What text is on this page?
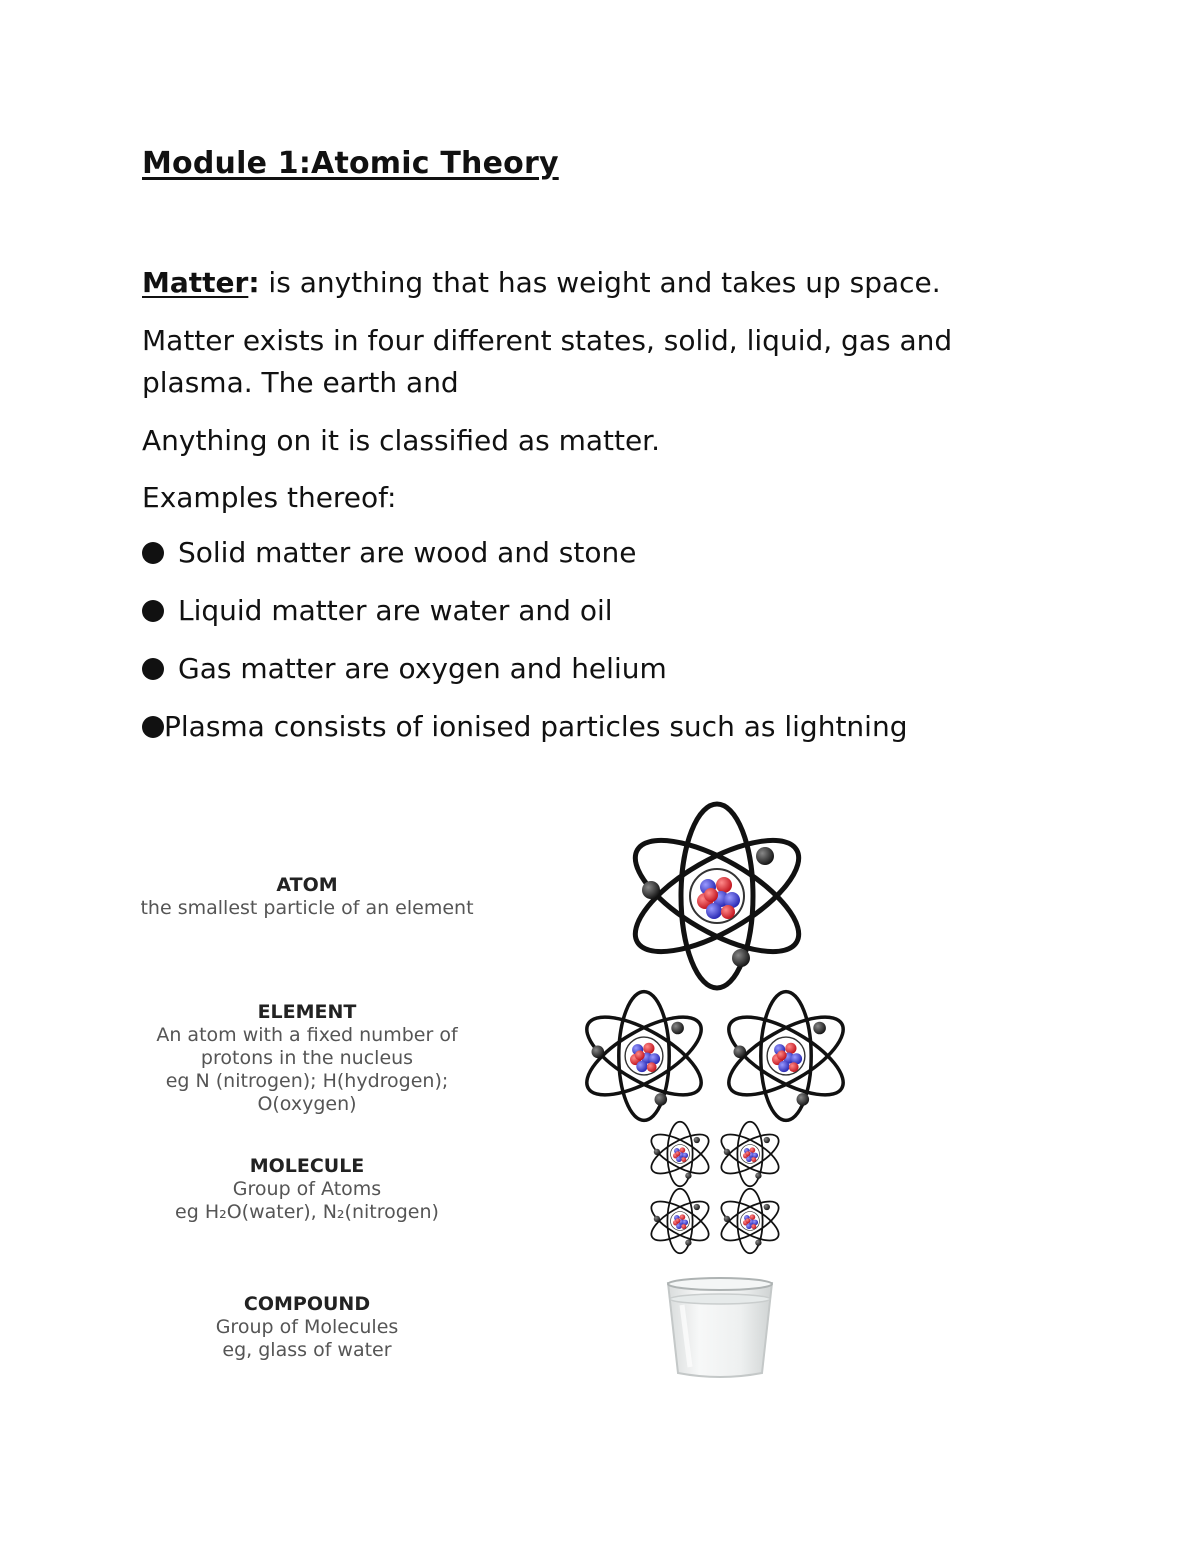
Module 1:Atomic Theory

Matter: is anything that has weight and takes up space.

Matter exists in four different states, solid, liquid, gas and

plasma. The earth and

Anything on it is classified as matter.

Examples thereof:

Solid matter are wood and stone
Liquid matter are water and oil
Gas matter are oxygen and helium
Plasma consists of ionised particles such as lightning
ATOM
the smallest particle of an element
ELEMENT
An atom with a fixed number of
protons in the nucleus
eg N (nitrogen); H(hydrogen);
O(oxygen)
MOLECULE
Group of Atoms
eg H₂O(water), N₂(nitrogen)
COMPOUND
Group of Molecules
eg, glass of water
